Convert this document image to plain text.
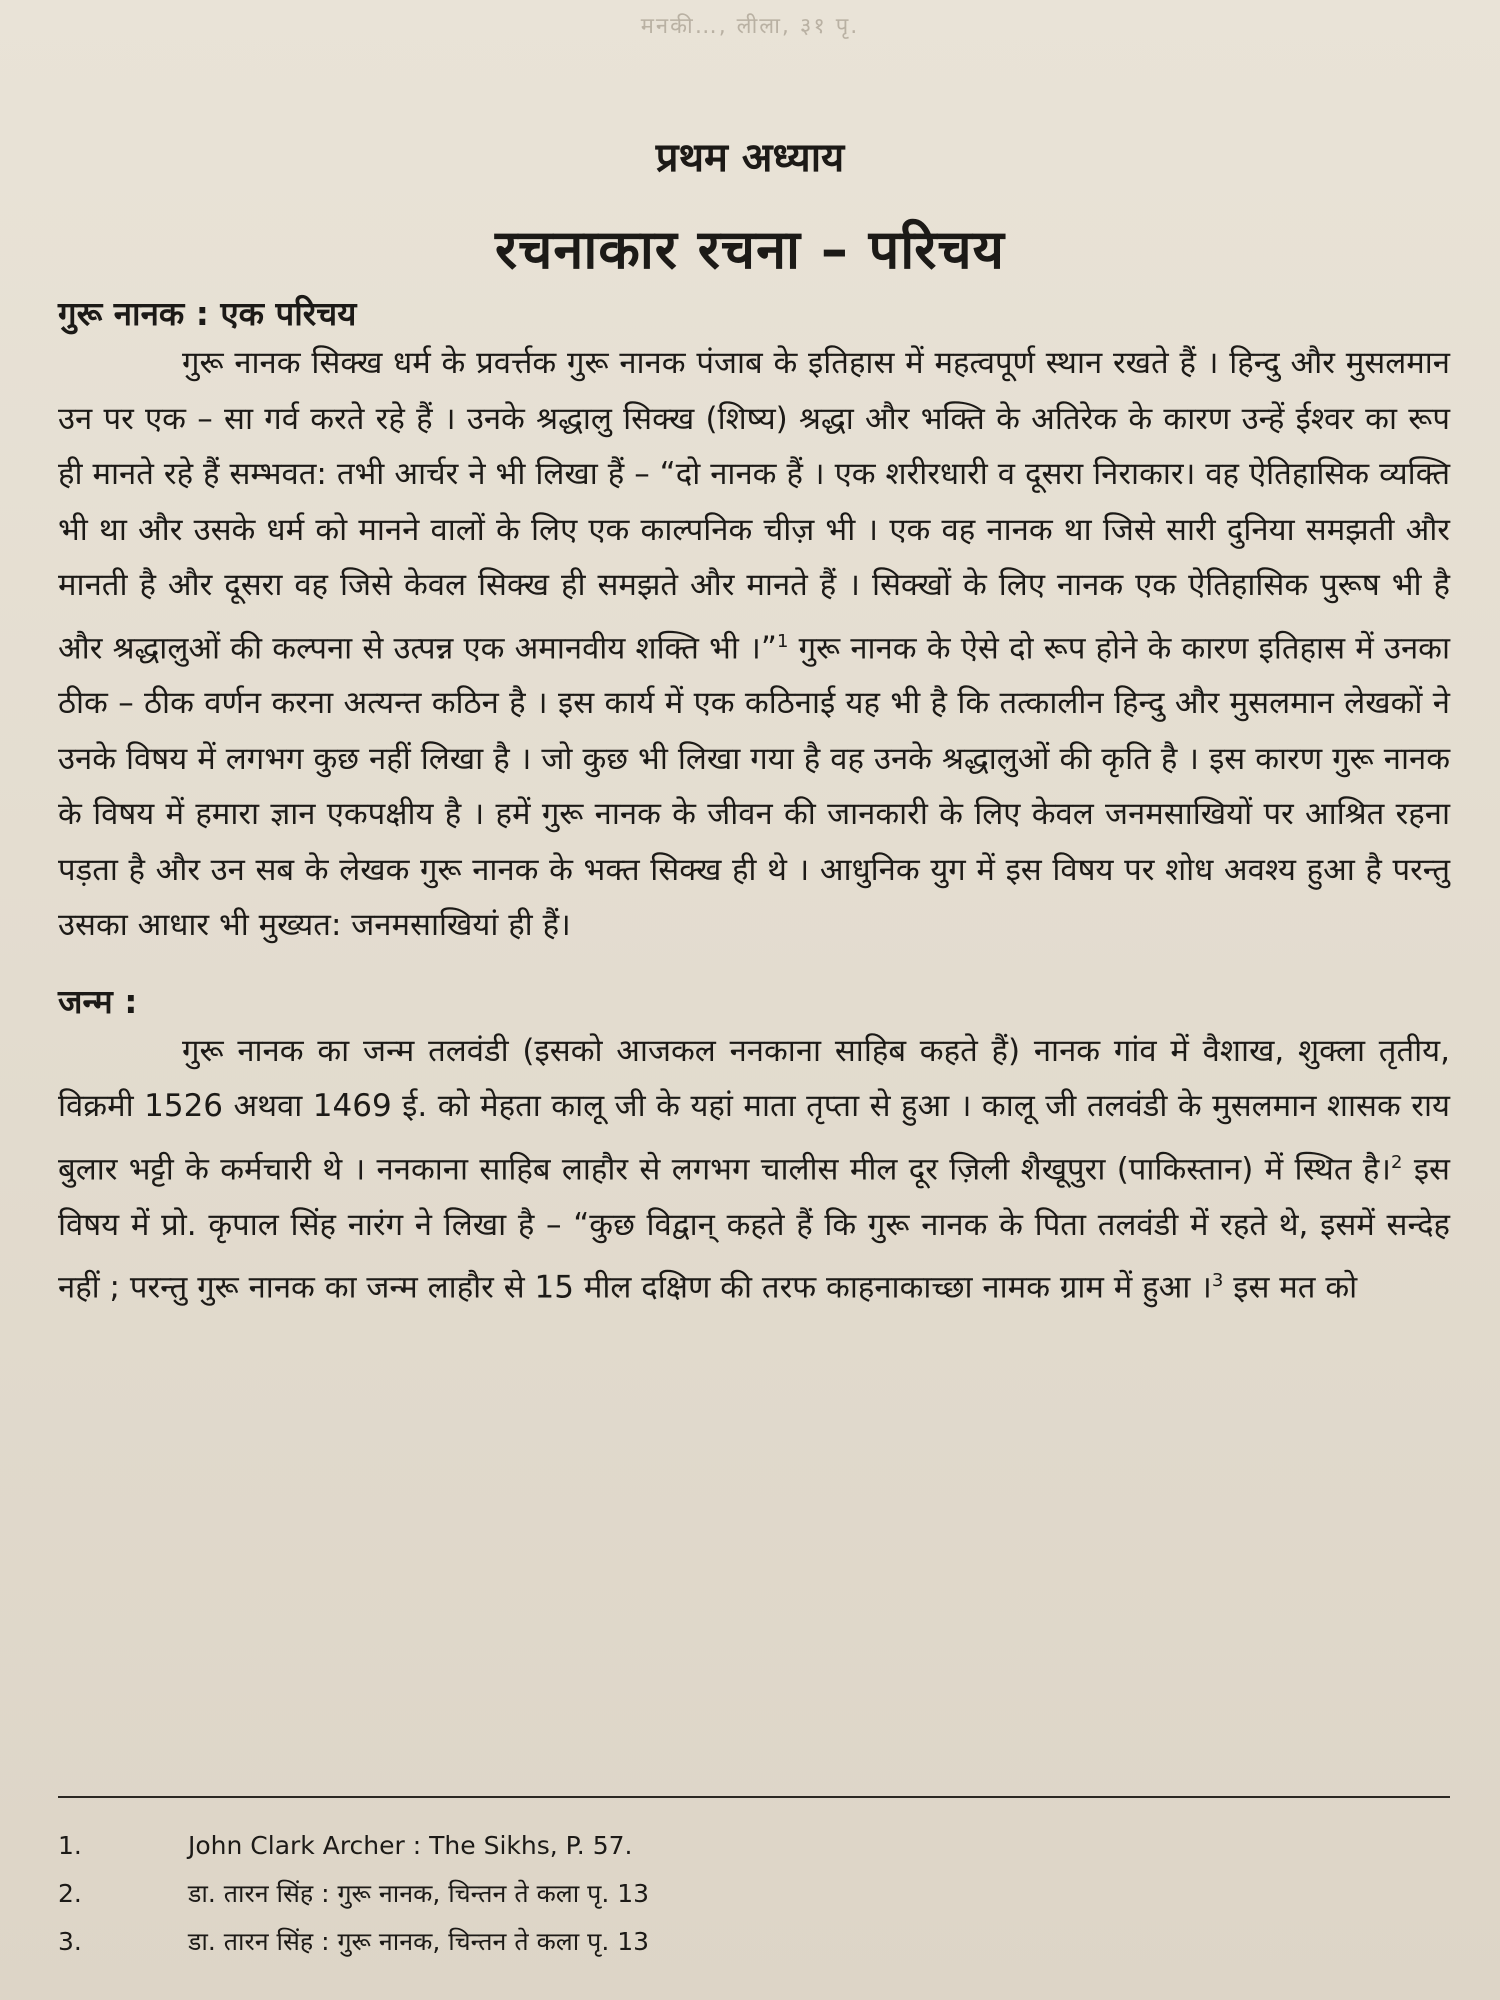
मनकी…, लीला, ३१ पृ.
प्रथम अध्याय
रचनाकार रचना – परिचय
गुरू नानक : एक परिचय

गुरू नानक सिक्ख धर्म के प्रवर्त्तक गुरू नानक पंजाब के इतिहास में महत्वपूर्ण स्थान रखते हैं । हिन्दु और मुसलमान उन पर एक – सा गर्व करते रहे हैं । उनके श्रद्धालु सिक्ख (शिष्य) श्रद्धा और भक्ति के अतिरेक के कारण उन्हें ईश्वर का रूप ही मानते रहे हैं सम्भवत: तभी आर्चर ने भी लिखा हैं – “दो नानक हैं । एक शरीरधारी व दूसरा निराकार। वह ऐतिहासिक व्यक्ति भी था और उसके धर्म को मानने वालों के लिए एक काल्पनिक चीज़ भी । एक वह नानक था जिसे सारी दुनिया समझती और मानती है और दूसरा वह जिसे केवल सिक्ख ही समझते और मानते हैं । सिक्खों के लिए नानक एक ऐतिहासिक पुरूष भी है और श्रद्धालुओं की कल्पना से उत्पन्न एक अमानवीय शक्ति भी ।”$^1$ गुरू नानक के ऐसे दो रूप होने के कारण इतिहास में उनका ठीक – ठीक वर्णन करना अत्यन्त कठिन है । इस कार्य में एक कठिनाई यह भी है कि तत्कालीन हिन्दु और मुसलमान लेखकों ने उनके विषय में लगभग कुछ नहीं लिखा है । जो कुछ भी लिखा गया है वह उनके श्रद्धालुओं की कृति है । इस कारण गुरू नानक के विषय में हमारा ज्ञान एकपक्षीय है । हमें गुरू नानक के जीवन की जानकारी के लिए केवल जनमसाखियों पर आश्रित रहना पड़ता है और उन सब के लेखक गुरू नानक के भक्त सिक्ख ही थे । आधुनिक युग में इस विषय पर शोध अवश्य हुआ है परन्तु उसका आधार भी मुख्यत: जनमसाखियां ही हैं।

जन्म :

गुरू नानक का जन्म तलवंडी (इसको आजकल ननकाना साहिब कहते हैं) नानक गांव में वैशाख, शुक्ला तृतीय, विक्रमी 1526 अथवा 1469 ई. को मेहता कालू जी के यहां माता तृप्ता से हुआ । कालू जी तलवंडी के मुसलमान शासक राय बुलार भट्टी के कर्मचारी थे । ननकाना साहिब लाहौर से लगभग चालीस मील दूर ज़िली शैखूपुरा (पाकिस्तान) में स्थित है।$^2$ इस विषय में प्रो. कृपाल सिंह नारंग ने लिखा है – “कुछ विद्वान् कहते हैं कि गुरू नानक के पिता तलवंडी में रहते थे, इसमें सन्देह नहीं ; परन्तु गुरू नानक का जन्म लाहौर से 15 मील दक्षिण की तरफ काहनाकाच्छा नामक ग्राम में हुआ ।$^3$ इस मत को

1.	John Clark Archer : The Sikhs, P. 57.
2.	डा. तारन सिंह : गुरू नानक, चिन्तन ते कला पृ. 13
3.	डा. तारन सिंह : गुरू नानक, चिन्तन ते कला पृ. 13
